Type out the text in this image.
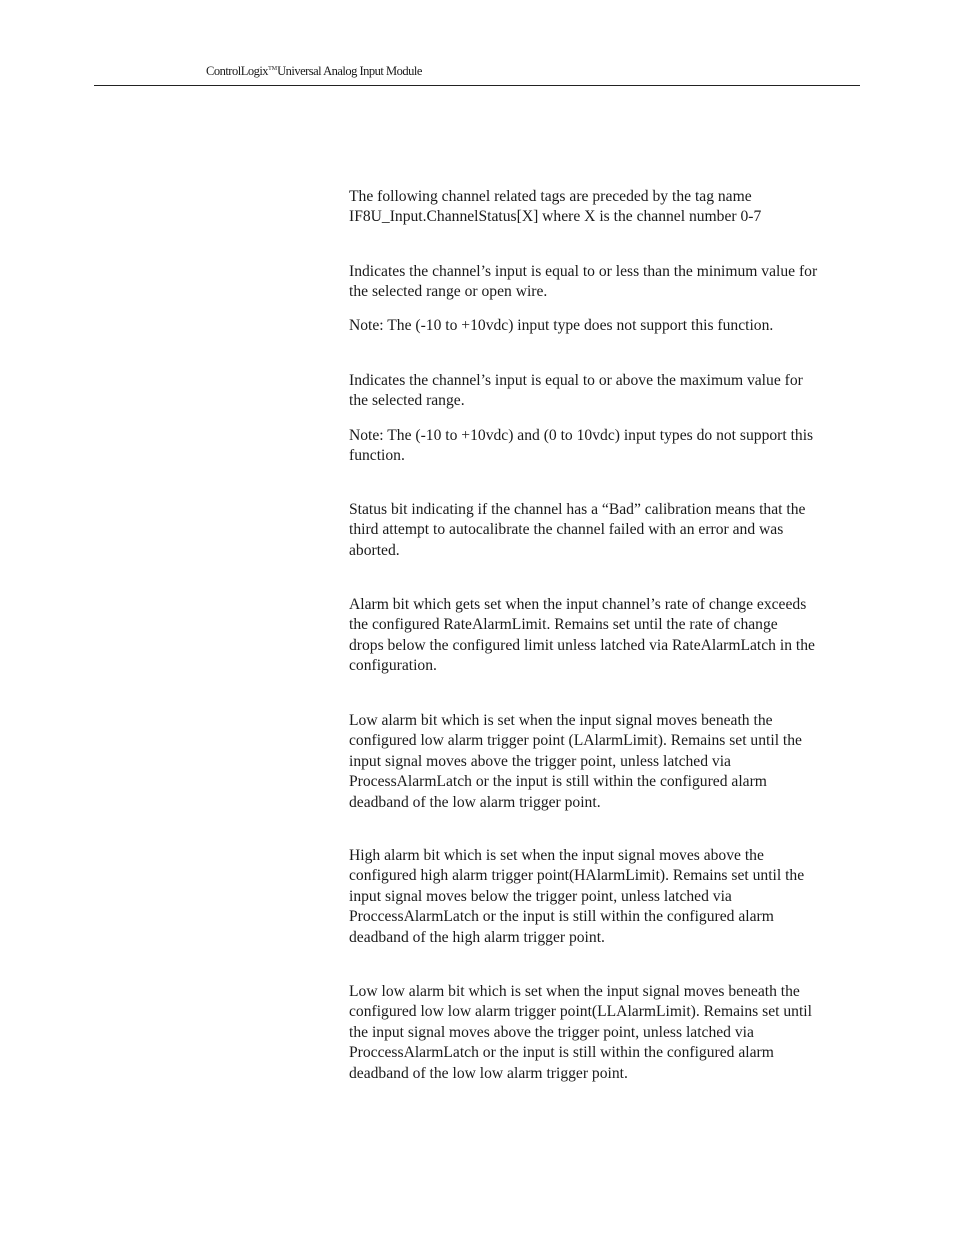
ControlLogix™Universal Analog Input Module

The following channel related tags are preceded by the tag name
IF8U_Input.ChannelStatus[X] where X is the channel number 0-7

Indicates the channel’s input is equal to or less than the minimum value for
the selected range or open wire.

Note: The (-10 to +10vdc) input type does not support this function.

Indicates the channel’s input is equal to or above the maximum value for
the selected range.

Note: The (-10 to +10vdc) and (0 to 10vdc) input types do not support this
function.

Status bit indicating if the channel has a “Bad” calibration means that the
third attempt to autocalibrate the channel failed with an error and was
aborted.

Alarm bit which gets set when the input channel’s rate of change exceeds
the configured RateAlarmLimit. Remains set until the rate of change
drops below the configured limit unless latched via RateAlarmLatch in the
configuration.

Low alarm bit which is set when the input signal moves beneath the
configured low alarm trigger point (LAlarmLimit). Remains set until the
input signal moves above the trigger point, unless latched via
ProcessAlarmLatch or the input is still within the configured alarm
deadband of the low alarm trigger point.

High alarm bit which is set when the input signal moves above the
configured high alarm trigger point(HAlarmLimit). Remains set until the
input signal moves below the trigger point, unless latched via
ProccessAlarmLatch or the input is still within the configured alarm
deadband of the high alarm trigger point.

Low low alarm bit which is set when the input signal moves beneath the
configured low low alarm trigger point(LLAlarmLimit). Remains set until
the input signal moves above the trigger point, unless latched via
ProccessAlarmLatch or the input is still within the configured alarm
deadband of the low low alarm trigger point.
